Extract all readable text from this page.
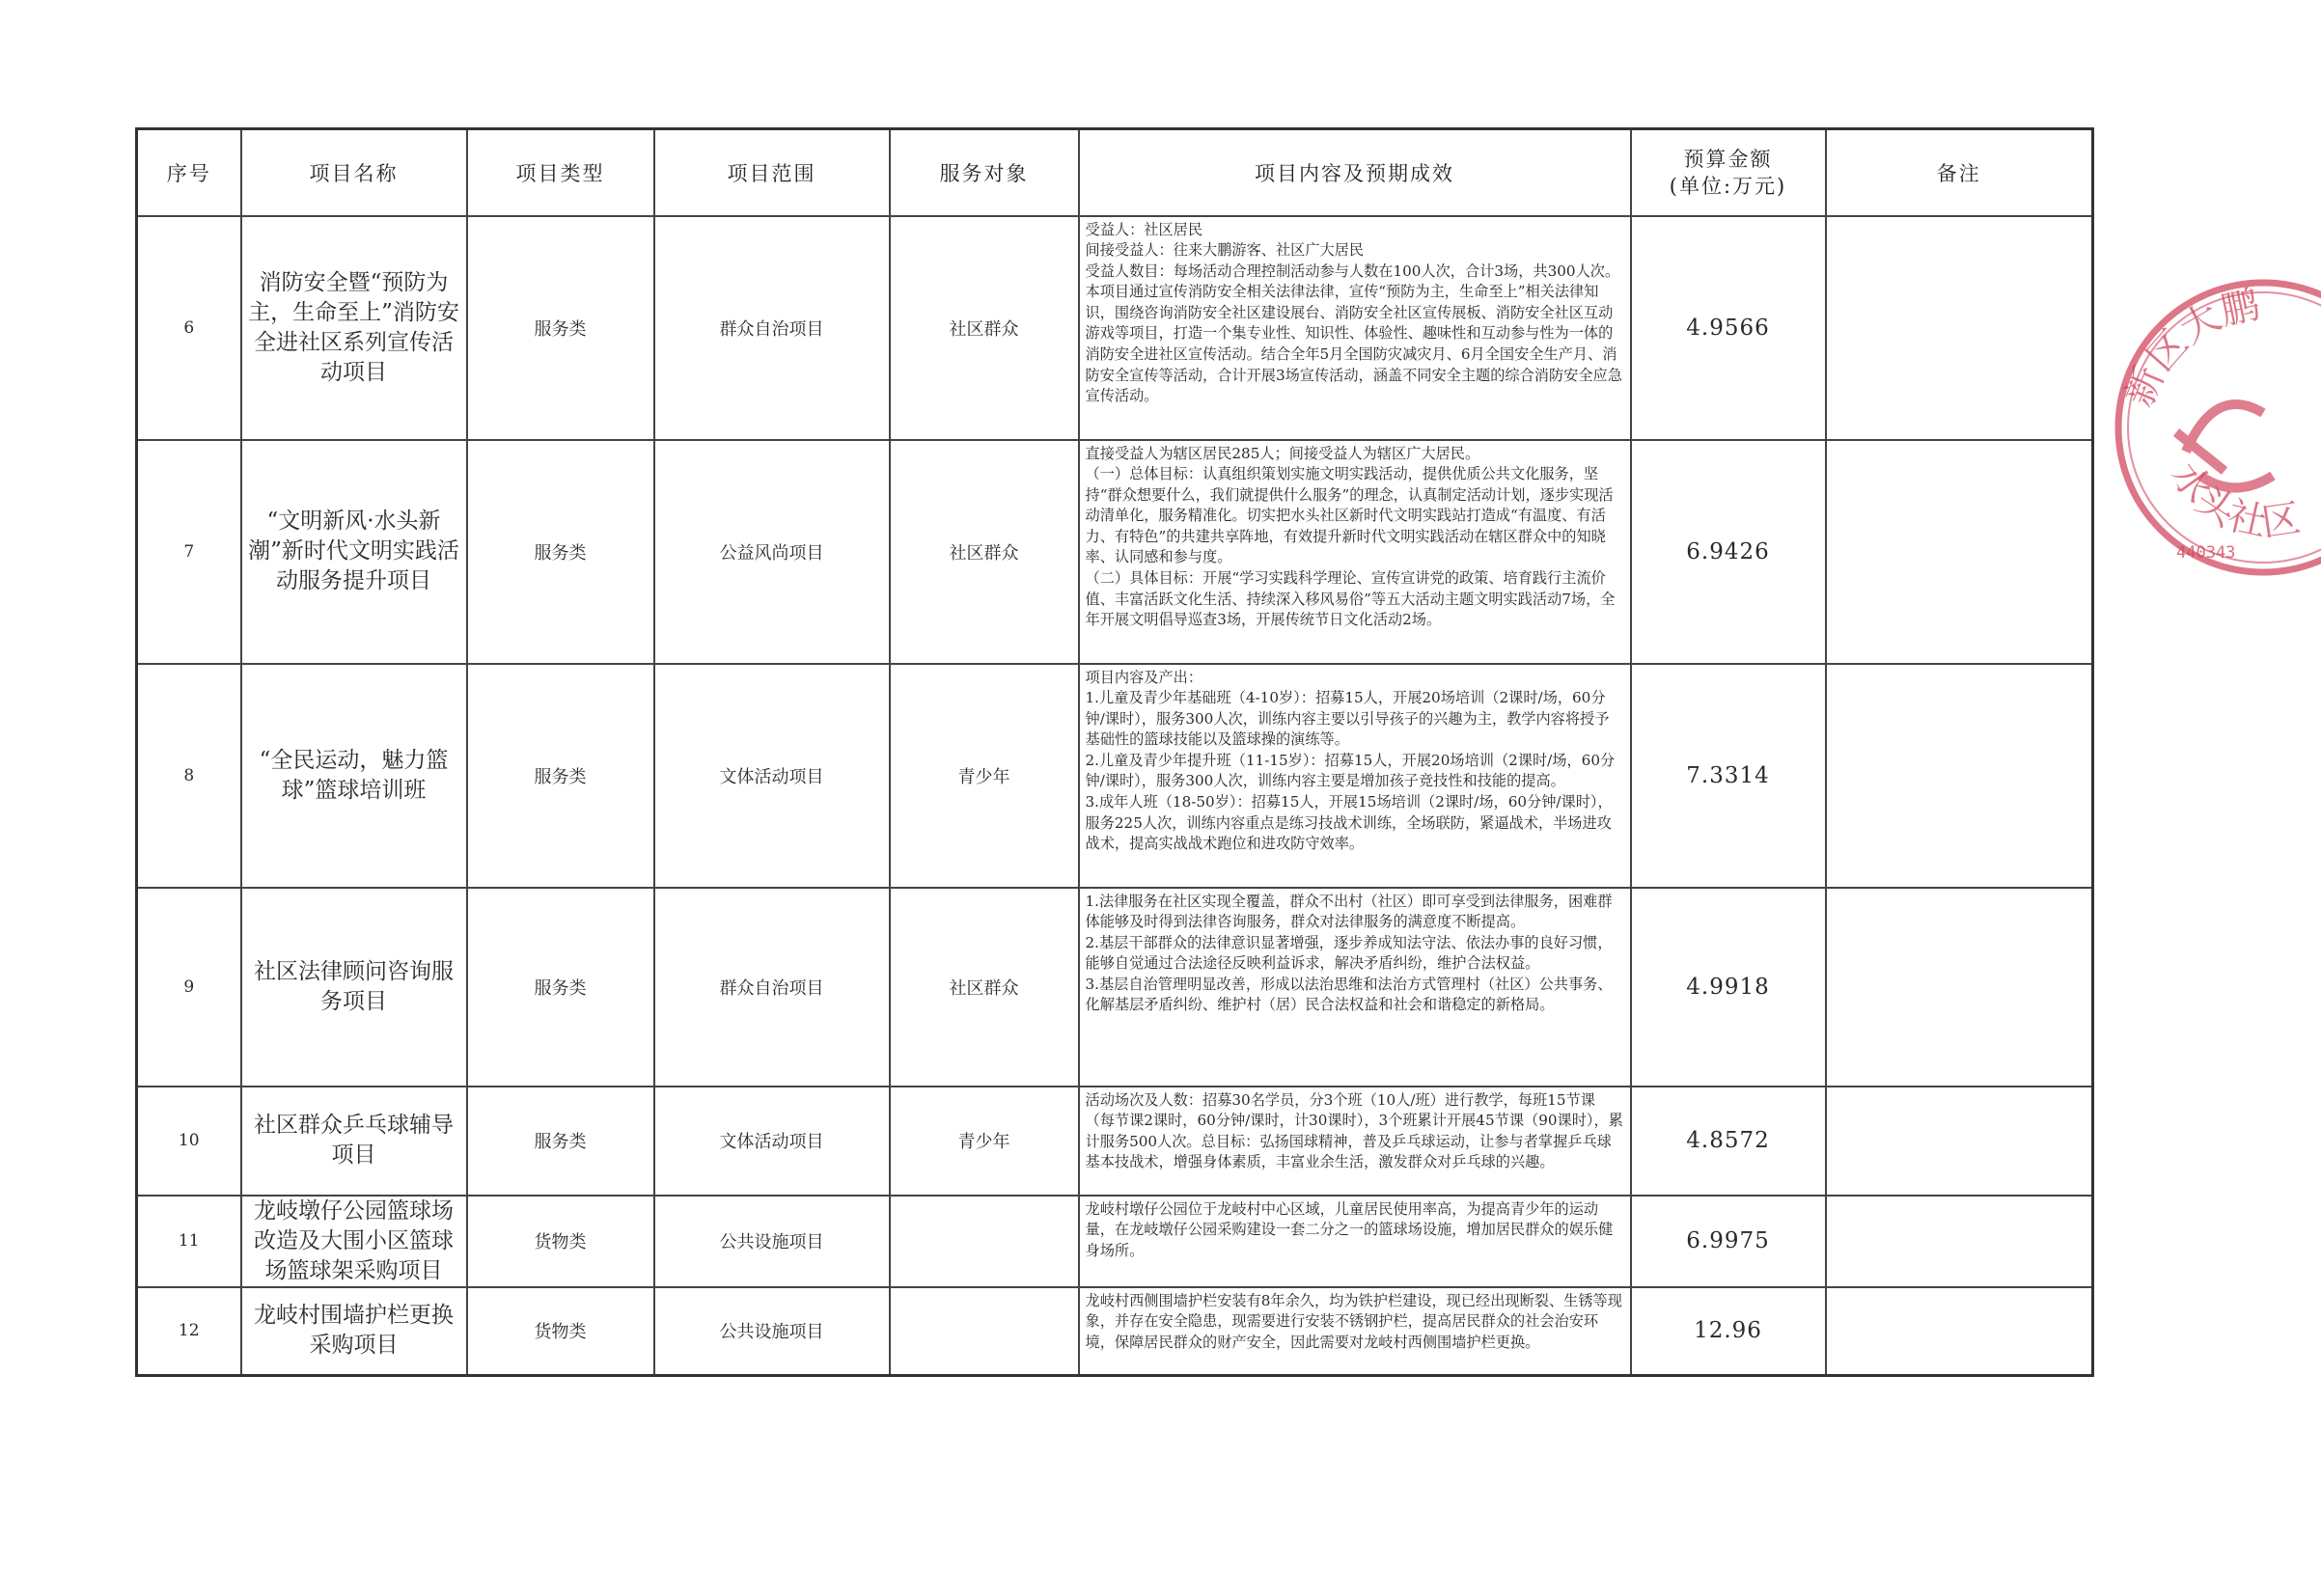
序号	项目名称	项目类型	项目范围	服务对象	项目内容及预期成效	预算金额
(单位:万元)	备注
6	消防安全暨“预防为主，生命至上”消防安全进社区系列宣传活动项目	服务类	群众自治项目	社区群众	受益人：社区居民
间接受益人：往来大鹏游客、社区广大居民
受益人数目：每场活动合理控制活动参与人数在100人次，合计3场，共300人次。
本项目通过宣传消防安全相关法律法律，宣传“预防为主，生命至上”相关法律知识，围绕咨询消防安全社区建设展台、消防安全社区宣传展板、消防安全社区互动游戏等项目，打造一个集专业性、知识性、体验性、趣味性和互动参与性为一体的消防安全进社区宣传活动。结合全年5月全国防灾减灾月、6月全国安全生产月、消防安全宣传等活动，合计开展3场宣传活动，涵盖不同安全主题的综合消防安全应急宣传活动。	4.9566	
7	“文明新风·水头新潮”新时代文明实践活动服务提升项目	服务类	公益风尚项目	社区群众	直接受益人为辖区居民285人；间接受益人为辖区广大居民。
（一）总体目标：认真组织策划实施文明实践活动，提供优质公共文化服务，坚持“群众想要什么，我们就提供什么服务”的理念，认真制定活动计划，逐步实现活动清单化，服务精准化。切实把水头社区新时代文明实践站打造成“有温度、有活力、有特色”的共建共享阵地，有效提升新时代文明实践活动在辖区群众中的知晓率、认同感和参与度。
（二）具体目标：开展“学习实践科学理论、宣传宣讲党的政策、培育践行主流价值、丰富活跃文化生活、持续深入移风易俗”等五大活动主题文明实践活动7场，全年开展文明倡导巡查3场，开展传统节日文化活动2场。	6.9426	
8	“全民运动，魅力篮球”篮球培训班	服务类	文体活动项目	青少年	项目内容及产出：
1.儿童及青少年基础班（4-10岁）：招募15人，开展20场培训（2课时/场，60分钟/课时），服务300人次，训练内容主要以引导孩子的兴趣为主，教学内容将授予基础性的篮球技能以及篮球操的演练等。
2.儿童及青少年提升班（11-15岁）：招募15人，开展20场培训（2课时/场，60分钟/课时），服务300人次，训练内容主要是增加孩子竞技性和技能的提高。
3.成年人班（18-50岁）：招募15人，开展15场培训（2课时/场，60分钟/课时），服务225人次，训练内容重点是练习技战术训练，全场联防，紧逼战术，半场进攻战术，提高实战战术跑位和进攻防守效率。	7.3314	
9	社区法律顾问咨询服务项目	服务类	群众自治项目	社区群众	1.法律服务在社区实现全覆盖，群众不出村（社区）即可享受到法律服务，困难群体能够及时得到法律咨询服务，群众对法律服务的满意度不断提高。
2.基层干部群众的法律意识显著增强，逐步养成知法守法、依法办事的良好习惯，能够自觉通过合法途径反映利益诉求，解决矛盾纠纷，维护合法权益。
3.基层自治管理明显改善，形成以法治思维和法治方式管理村（社区）公共事务、化解基层矛盾纠纷、维护村（居）民合法权益和社会和谐稳定的新格局。	4.9918	
10	社区群众乒乓球辅导项目	服务类	文体活动项目	青少年	活动场次及人数：招募30名学员，分3个班（10人/班）进行教学，每班15节课（每节课2课时，60分钟/课时，计30课时），3个班累计开展45节课（90课时），累计服务500人次。总目标：弘扬国球精神，普及乒乓球运动，让参与者掌握乒乓球基本技战术，增强身体素质，丰富业余生活，激发群众对乒乓球的兴趣。	4.8572	
11	龙岐墩仔公园篮球场改造及大围小区篮球场篮球架采购项目	货物类	公共设施项目		龙岐村墩仔公园位于龙岐村中心区域，儿童居民使用率高，为提高青少年的运动量，在龙岐墩仔公园采购建设一套二分之一的篮球场设施，增加居民群众的娱乐健身场所。	6.9975	
12	龙岐村围墙护栏更换采购项目	货物类	公共设施项目		龙岐村西侧围墙护栏安装有8年余久，均为铁护栏建设，现已经出现断裂、生锈等现象，并存在安全隐患，现需要进行安装不锈钢护栏，提高居民群众的社会治安环境，保障居民群众的财产安全，因此需要对龙岐村西侧围墙护栏更换。	12.96	
新区大鹏
水头社区
440343
